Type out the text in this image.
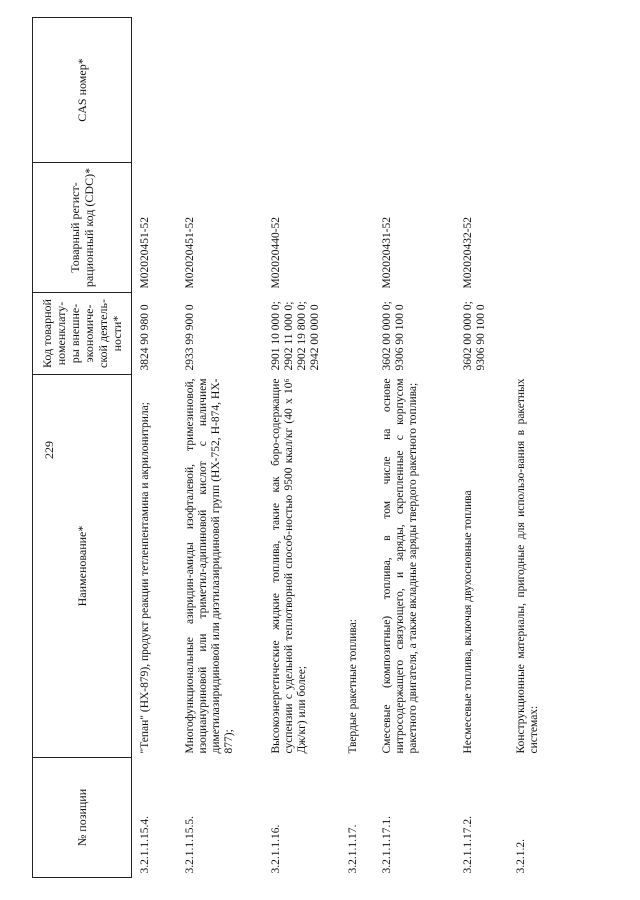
229
№ позиции	Наименование*	Код товарной номенклату-ры внешне-экономиче-ской деятель-ности*	Товарный регист-рационный код (CDC)*	CAS номер*
3.2.1.1.15.4.	"Тепан" (HX-879), продукт реакции тетленпентамина и акрилонитрила;	3824 90 980 0	M02020451-52	
3.2.1.1.15.5.	Многофункциональные азиридин-амиды изофталевой, тримезиновой, изоциануриновой или триметил-адипиновой кислот с наличием диметилазиридиновой или диэтилазиридиновой групп (HX-752, H-874, HX-877);	2933 99 900 0	M02020451-52	
3.2.1.1.16.	Высокоэнергетические жидкие топлива, такие как боро-содержащие суспензии с удельной теплотворной способ-ностью 9500 ккал/кг (40 х 10⁶ Дж/кг) или более;	2901 10 000 0; 2902 11 000 0; 2902 19 800 0; 2942 00 000 0	M02020440-52	
3.2.1.1.17.	Твердые ракетные топлива:			
3.2.1.1.17.1.	Смесевые (композитные) топлива, в том числе на основе нитросодержащего связующего, и заряды, скрепленные с корпусом ракетного двигателя, а также вкладные заряды твердого ракетного топлива;	3602 00 000 0; 9306 90 100 0	M02020431-52	
3.2.1.1.17.2.	Несмесевые топлива, включая двухосновные топлива	3602 00 000 0; 9306 90 100 0	M02020432-52	
3.2.1.2.	Конструкционные материалы, пригодные для использо-вания в ракетных системах:			
